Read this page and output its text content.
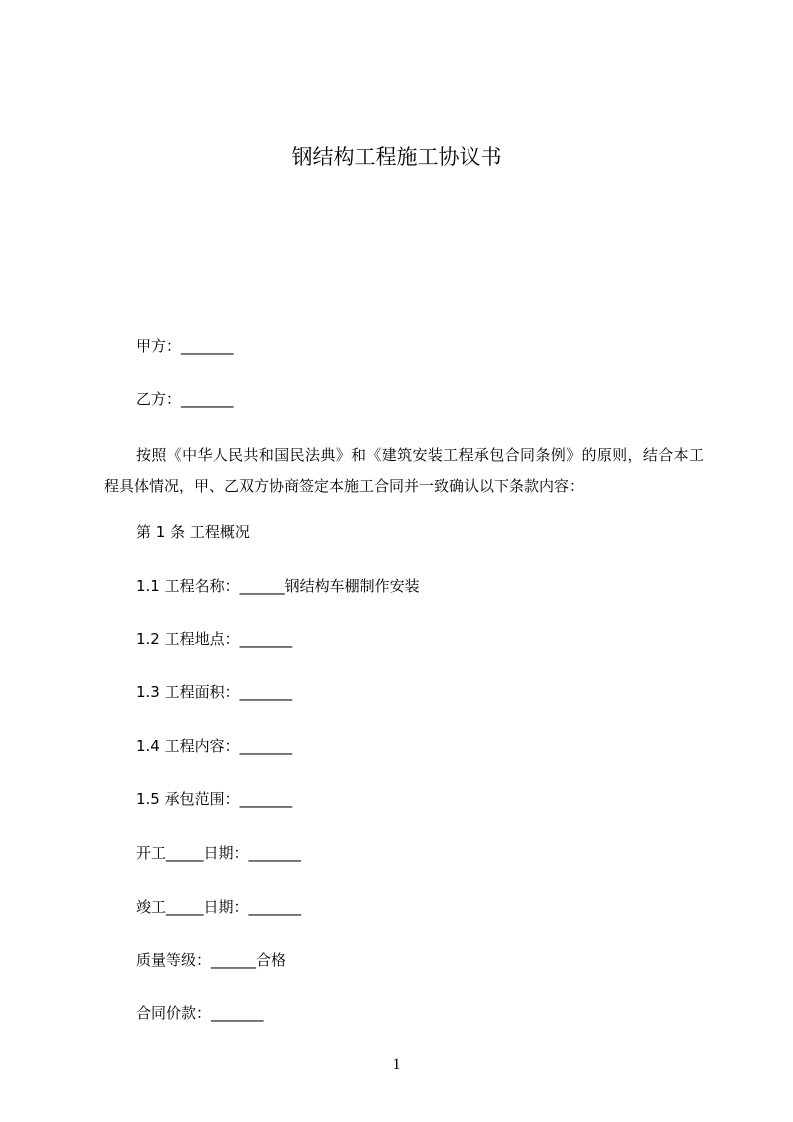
钢结构工程施工协议书
甲方：_______
乙方：_______
按照《中华人民共和国民法典》和《建筑安装工程承包合同条例》的原则，结合本工程具体情况，甲、乙双方协商签定本施工合同并一致确认以下条款内容：
第 1 条 工程概况
1.1 工程名称：______钢结构车棚制作安装
1.2 工程地点：_______
1.3 工程面积：_______
1.4 工程内容：_______
1.5 承包范围：_______
开工_____日期：_______
竣工_____日期：_______
质量等级：______合格
合同价款：_______
1
